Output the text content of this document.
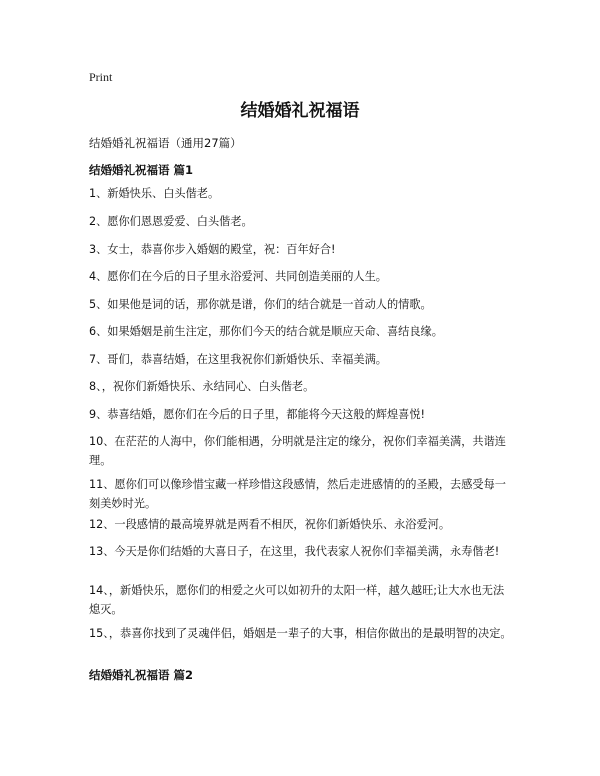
Print
结婚婚礼祝福语
结婚婚礼祝福语（通用27篇）
结婚婚礼祝福语 篇1

1、新婚快乐、白头偕老。

2、愿你们恩恩爱爱、白头偕老。

3、女士，恭喜你步入婚姻的殿堂，祝：百年好合!

4、愿你们在今后的日子里永浴爱河、共同创造美丽的人生。

5、如果他是词的话，那你就是谱，你们的结合就是一首动人的情歌。

6、如果婚姻是前生注定，那你们今天的结合就是顺应天命、喜结良缘。

7、哥们，恭喜结婚，在这里我祝你们新婚快乐、幸福美满。

8、，祝你们新婚快乐、永结同心、白头偕老。

9、恭喜结婚，愿你们在今后的日子里，都能将今天这般的辉煌喜悦!

10、在茫茫的人海中，你们能相遇，分明就是注定的缘分，祝你们幸福美满，共谐连理。

11、愿你们可以像珍惜宝藏一样珍惜这段感情，然后走进感情的的圣殿，去感受每一刻美妙时光。

12、一段感情的最高境界就是两看不相厌，祝你们新婚快乐、永浴爱河。

13、今天是你们结婚的大喜日子，在这里，我代表家人祝你们幸福美满，永寿偕老!

14、，新婚快乐，愿你们的相爱之火可以如初升的太阳一样，越久越旺;让大水也无法熄灭。

15、，恭喜你找到了灵魂伴侣，婚姻是一辈子的大事，相信你做出的是最明智的决定。

结婚婚礼祝福语 篇2
